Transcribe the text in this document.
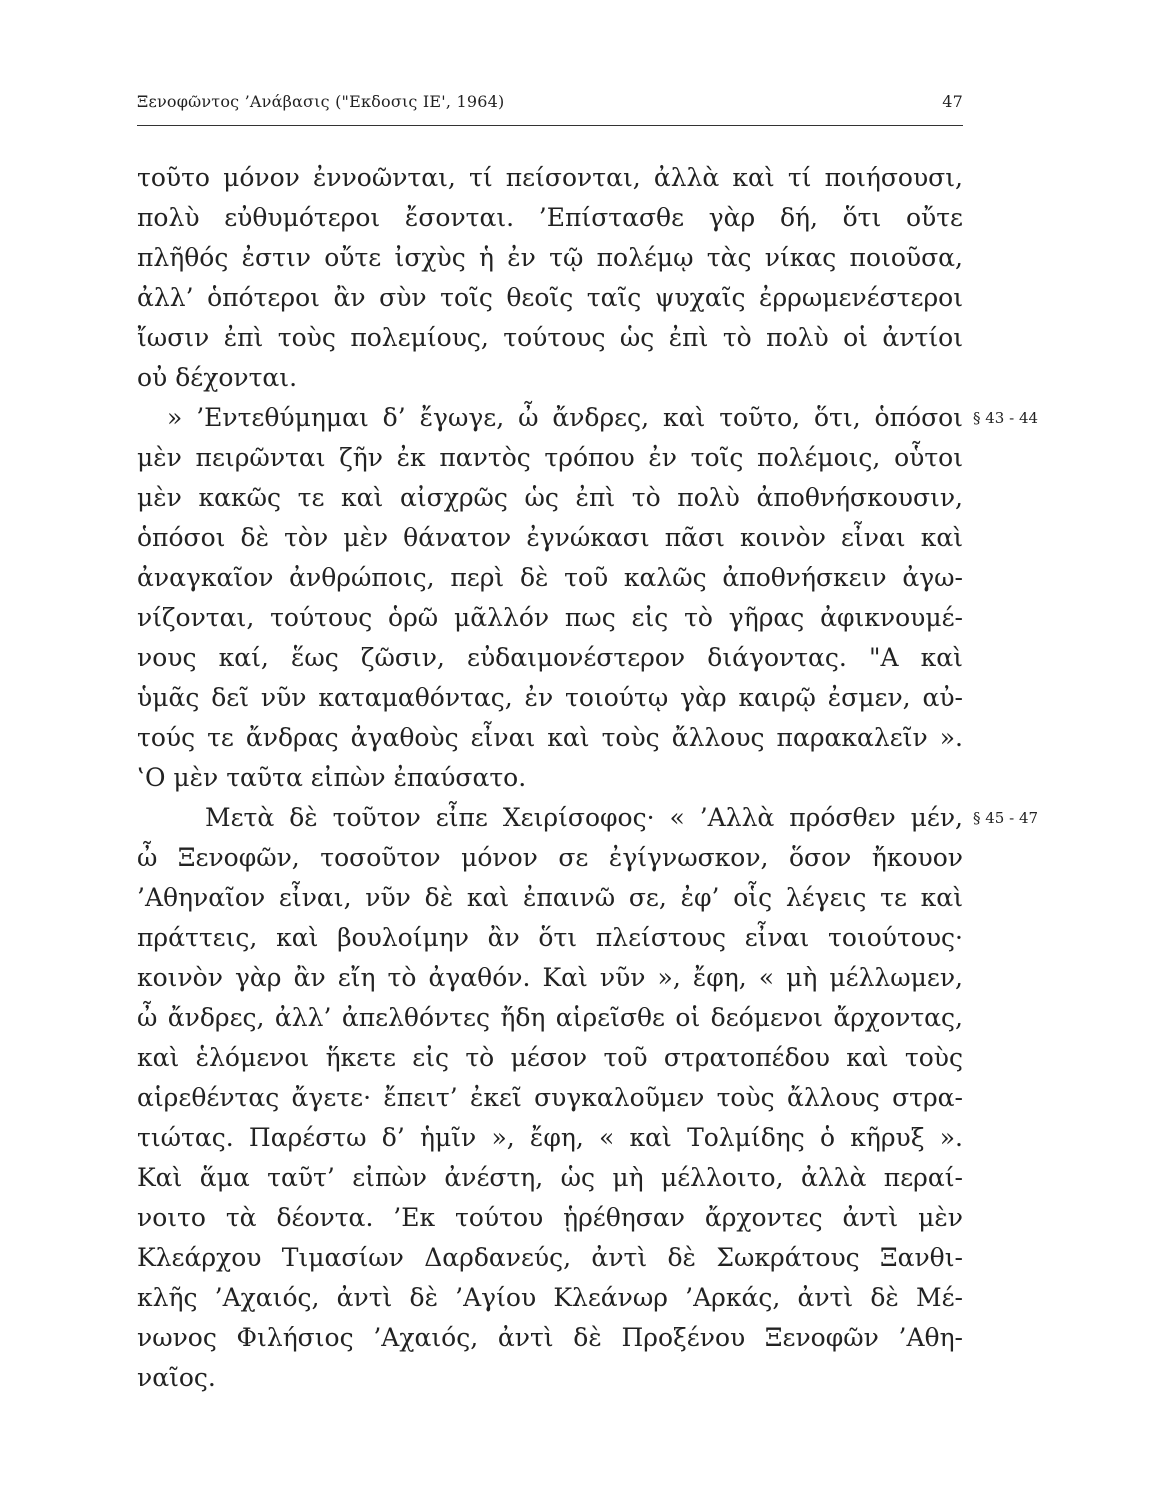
Ξενοφῶντος ’Ανάβασις ("Εκδοσις ΙΕ', 1964)	47
τοῦτο μόνον ἐννοῶνται, τί πείσονται, ἀλλὰ καὶ τί ποιήσουσι,
πολὺ εὐθυμότεροι ἔσονται. ’Επίστασθε γὰρ δή, ὅτι οὔτε
πλῆθός ἐστιν οὔτε ἰσχὺς ἡ ἐν τῷ πολέμῳ τὰς νίκας ποιοῦσα,
ἀλλ’ ὁπότεροι ἂν σὺν τοῖς θεοῖς ταῖς ψυχαῖς ἐρρωμενέστεροι
ἴωσιν ἐπὶ τοὺς πολεμίους, τούτους ὡς ἐπὶ τὸ πολὺ οἱ ἀντίοι
οὐ δέχονται.
» ’Εντεθύμημαι δ’ ἔγωγε, ὦ ἄνδρες, καὶ τοῦτο, ὅτι, ὁπόσοι
μὲν πειρῶνται ζῆν ἐκ παντὸς τρόπου ἐν τοῖς πολέμοις, οὗτοι
μὲν κακῶς τε καὶ αἰσχρῶς ὡς ἐπὶ τὸ πολὺ ἀποθνήσκουσιν,
ὁπόσοι δὲ τὸν μὲν θάνατον ἐγνώκασι πᾶσι κοινὸν εἶναι καὶ
ἀναγκαῖον ἀνθρώποις, περὶ δὲ τοῦ καλῶς ἀποθνήσκειν ἀγω-
νίζονται, τούτους ὁρῶ μᾶλλόν πως εἰς τὸ γῆρας ἀφικνουμέ-
νους καί, ἕως ζῶσιν, εὐδαιμονέστερον διάγοντας. "Α καὶ
ὑμᾶς δεῖ νῦν καταμαθόντας, ἐν τοιούτῳ γὰρ καιρῷ ἐσμεν, αὐ-
τούς τε ἄνδρας ἀγαθοὺς εἶναι καὶ τοὺς ἄλλους παρακαλεῖν ».
‛Ο μὲν ταῦτα εἰπὼν ἐπαύσατο.
Μετὰ δὲ τοῦτον εἶπε Χειρίσοφος· « ’Αλλὰ πρόσθεν μέν,
ὦ Ξενοφῶν, τοσοῦτον μόνον σε ἐγίγνωσκον, ὅσον ἤκουον
’Αθηναῖον εἶναι, νῦν δὲ καὶ ἐπαινῶ σε, ἐφ’ οἷς λέγεις τε καὶ
πράττεις, καὶ βουλοίμην ἂν ὅτι πλείστους εἶναι τοιούτους·
κοινὸν γὰρ ἂν εἴη τὸ ἀγαθόν. Καὶ νῦν », ἔφη, « μὴ μέλλωμεν,
ὦ ἄνδρες, ἀλλ’ ἀπελθόντες ἤδη αἱρεῖσθε οἱ δεόμενοι ἄρχοντας,
καὶ ἑλόμενοι ἥκετε εἰς τὸ μέσον τοῦ στρατοπέδου καὶ τοὺς
αἱρεθέντας ἄγετε· ἔπειτ’ ἐκεῖ συγκαλοῦμεν τοὺς ἄλλους στρα-
τιώτας. Παρέστω δ’ ἡμῖν », ἔφη, « καὶ Τολμίδης ὁ κῆρυξ ».
Καὶ ἅμα ταῦτ’ εἰπὼν ἀνέστη, ὡς μὴ μέλλοιτο, ἀλλὰ περαί-
νοιτο τὰ δέοντα. ’Εκ τούτου ᾑρέθησαν ἄρχοντες ἀντὶ μὲν
Κλεάρχου Τιμασίων Δαρδανεύς, ἀντὶ δὲ Σωκράτους Ξανθι-
κλῆς ’Αχαιός, ἀντὶ δὲ ’Αγίου Κλεάνωρ ’Αρκάς, ἀντὶ δὲ Μέ-
νωνος Φιλήσιος ’Αχαιός, ἀντὶ δὲ Προξένου Ξενοφῶν ’Αθη-
ναῖος.
§ 43 - 44
§ 45 - 47
